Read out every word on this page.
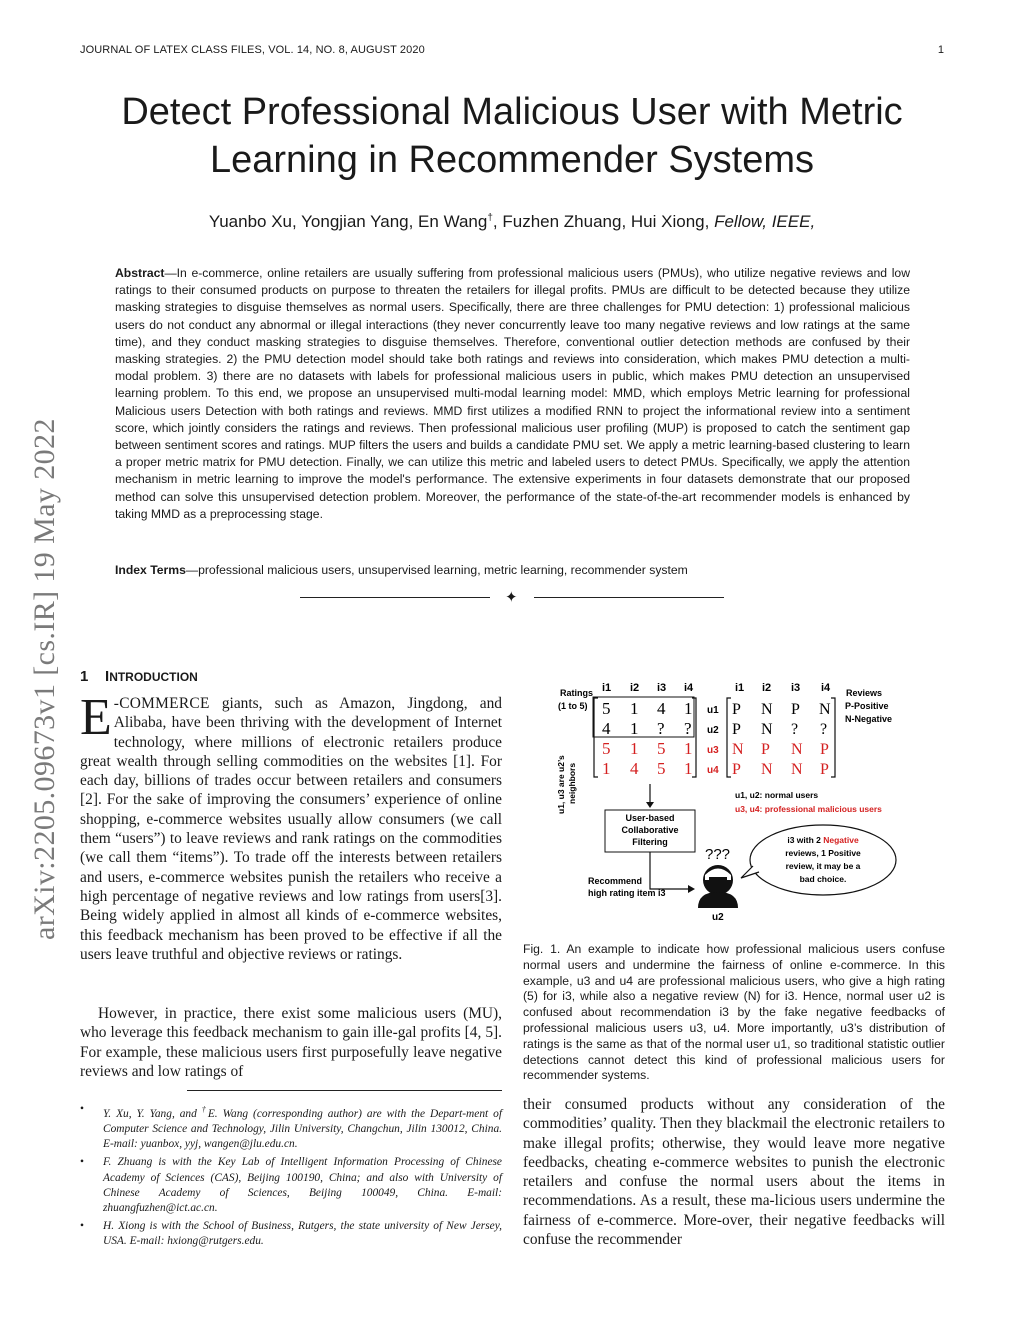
JOURNAL OF LATEX CLASS FILES, VOL. 14, NO. 8, AUGUST 2020	1
Detect Professional Malicious User with Metric
Learning in Recommender Systems
Yuanbo Xu, Yongjian Yang, En Wang†, Fuzhen Zhuang, Hui Xiong, Fellow, IEEE,

Abstract—In e-commerce, online retailers are usually suffering from professional malicious users (PMUs), who utilize negative reviews and low ratings to their consumed products on purpose to threaten the retailers for illegal profits. PMUs are difficult to be detected because they utilize masking strategies to disguise themselves as normal users. Specifically, there are three challenges for PMU detection: 1) professional malicious users do not conduct any abnormal or illegal interactions (they never concurrently leave too many negative reviews and low ratings at the same time), and they conduct masking strategies to disguise themselves. Therefore, conventional outlier detection methods are confused by their masking strategies. 2) the PMU detection model should take both ratings and reviews into consideration, which makes PMU detection a multi-modal problem. 3) there are no datasets with labels for professional malicious users in public, which makes PMU detection an unsupervised learning problem. To this end, we propose an unsupervised multi-modal learning model: MMD, which employs Metric learning for professional Malicious users Detection with both ratings and reviews. MMD first utilizes a modified RNN to project the informational review into a sentiment score, which jointly considers the ratings and reviews. Then professional malicious user profiling (MUP) is proposed to catch the sentiment gap between sentiment scores and ratings. MUP filters the users and builds a candidate PMU set. We apply a metric learning-based clustering to learn a proper metric matrix for PMU detection. Finally, we can utilize this metric and labeled users to detect PMUs. Specifically, we apply the attention mechanism in metric learning to improve the model's performance. The extensive experiments in four datasets demonstrate that our proposed method can solve this unsupervised detection problem. Moreover, the performance of the state-of-the-art recommender models is enhanced by taking MMD as a preprocessing stage.

Index Terms—professional malicious users, unsupervised learning, metric learning, recommender system

✦
arXiv:2205.09673v1 [cs.IR] 19 May 2022 1 INTRODUCTION

E -COMMERCE giants, such as Amazon, Jingdong, and Alibaba, have been thriving with the development of Internet technology, where millions of electronic retailers produce great wealth through selling commodities on the websites [1]. For each day, billions of trades occur between retailers and consumers [2]. For the sake of improving the consumers’ experience of online shopping, e-commerce websites usually allow consumers (we call them “users”) to leave reviews and rank ratings on the commodities (we call them “items”). To trade off the interests between retailers and users, e-commerce websites punish the retailers who receive a high percentage of negative reviews and low ratings from users[3]. Being widely applied in almost all kinds of e-commerce websites, this feedback mechanism has been proved to be effective if all the users leave truthful and objective reviews or ratings.

However, in practice, there exist some malicious users (MU), who leverage this feedback mechanism to gain ille-gal profits [4, 5]. For example, these malicious users first purposefully leave negative reviews and low ratings of

• Y. Xu, Y. Yang, and †E. Wang (corresponding author) are with the Depart-ment of Computer Science and Technology, Jilin University, Changchun, Jilin 130012, China. E-mail: yuanbox, yyj, wangen@jlu.edu.cn.
• F. Zhuang is with the Key Lab of Intelligent Information Processing of Chinese Academy of Sciences (CAS), Beijing 100190, China; and also with University of Chinese Academy of Sciences, Beijing 100049, China. E-mail: zhuangfuzhen@ict.ac.cn.
• H. Xiong is with the School of Business, Rutgers, the state university of New Jersey, USA. E-mail: hxiong@rutgers.edu.
Ratings
(1 to 5)
i1 i2 i3 i4
5 1 4 1
4 1 ? ?
5 1 5 1
1 4 5 1
u1
u2
u3
u4
i1 i2 i3 i4
P N P N
P N ? ?
N P N P
P N N P
Reviews
P-Positive
N-Negative
u1, u3 are u2’s neighbors	u1, u2: normal users
u3, u4: professional malicious users
User-based
Collaborative
Filtering
Recommend
high rating item i3
???
u2
i3 with 2 Negative
reviews, 1 Positive
review, it may be a
bad choice.

Fig. 1. An example to indicate how professional malicious users confuse normal users and undermine the fairness of online e-commerce. In this example, u3 and u4 are professional malicious users, who give a high rating (5) for i3, while also a negative review (N) for i3. Hence, normal user u2 is confused about recommendation i3 by the fake negative feedbacks of professional malicious users u3, u4. More importantly, u3’s distribution of ratings is the same as that of the normal user u1, so traditional statistic outlier detections cannot detect this kind of professional malicious users for recommender systems.

their consumed products without any consideration of the commodities’ quality. Then they blackmail the electronic retailers to make illegal profits; otherwise, they would leave more negative feedbacks, cheating e-commerce websites to punish the electronic retailers and confuse the normal users about the items in recommendations. As a result, these ma-licious users undermine the fairness of e-commerce. More-over, their negative feedbacks will confuse the recommender
